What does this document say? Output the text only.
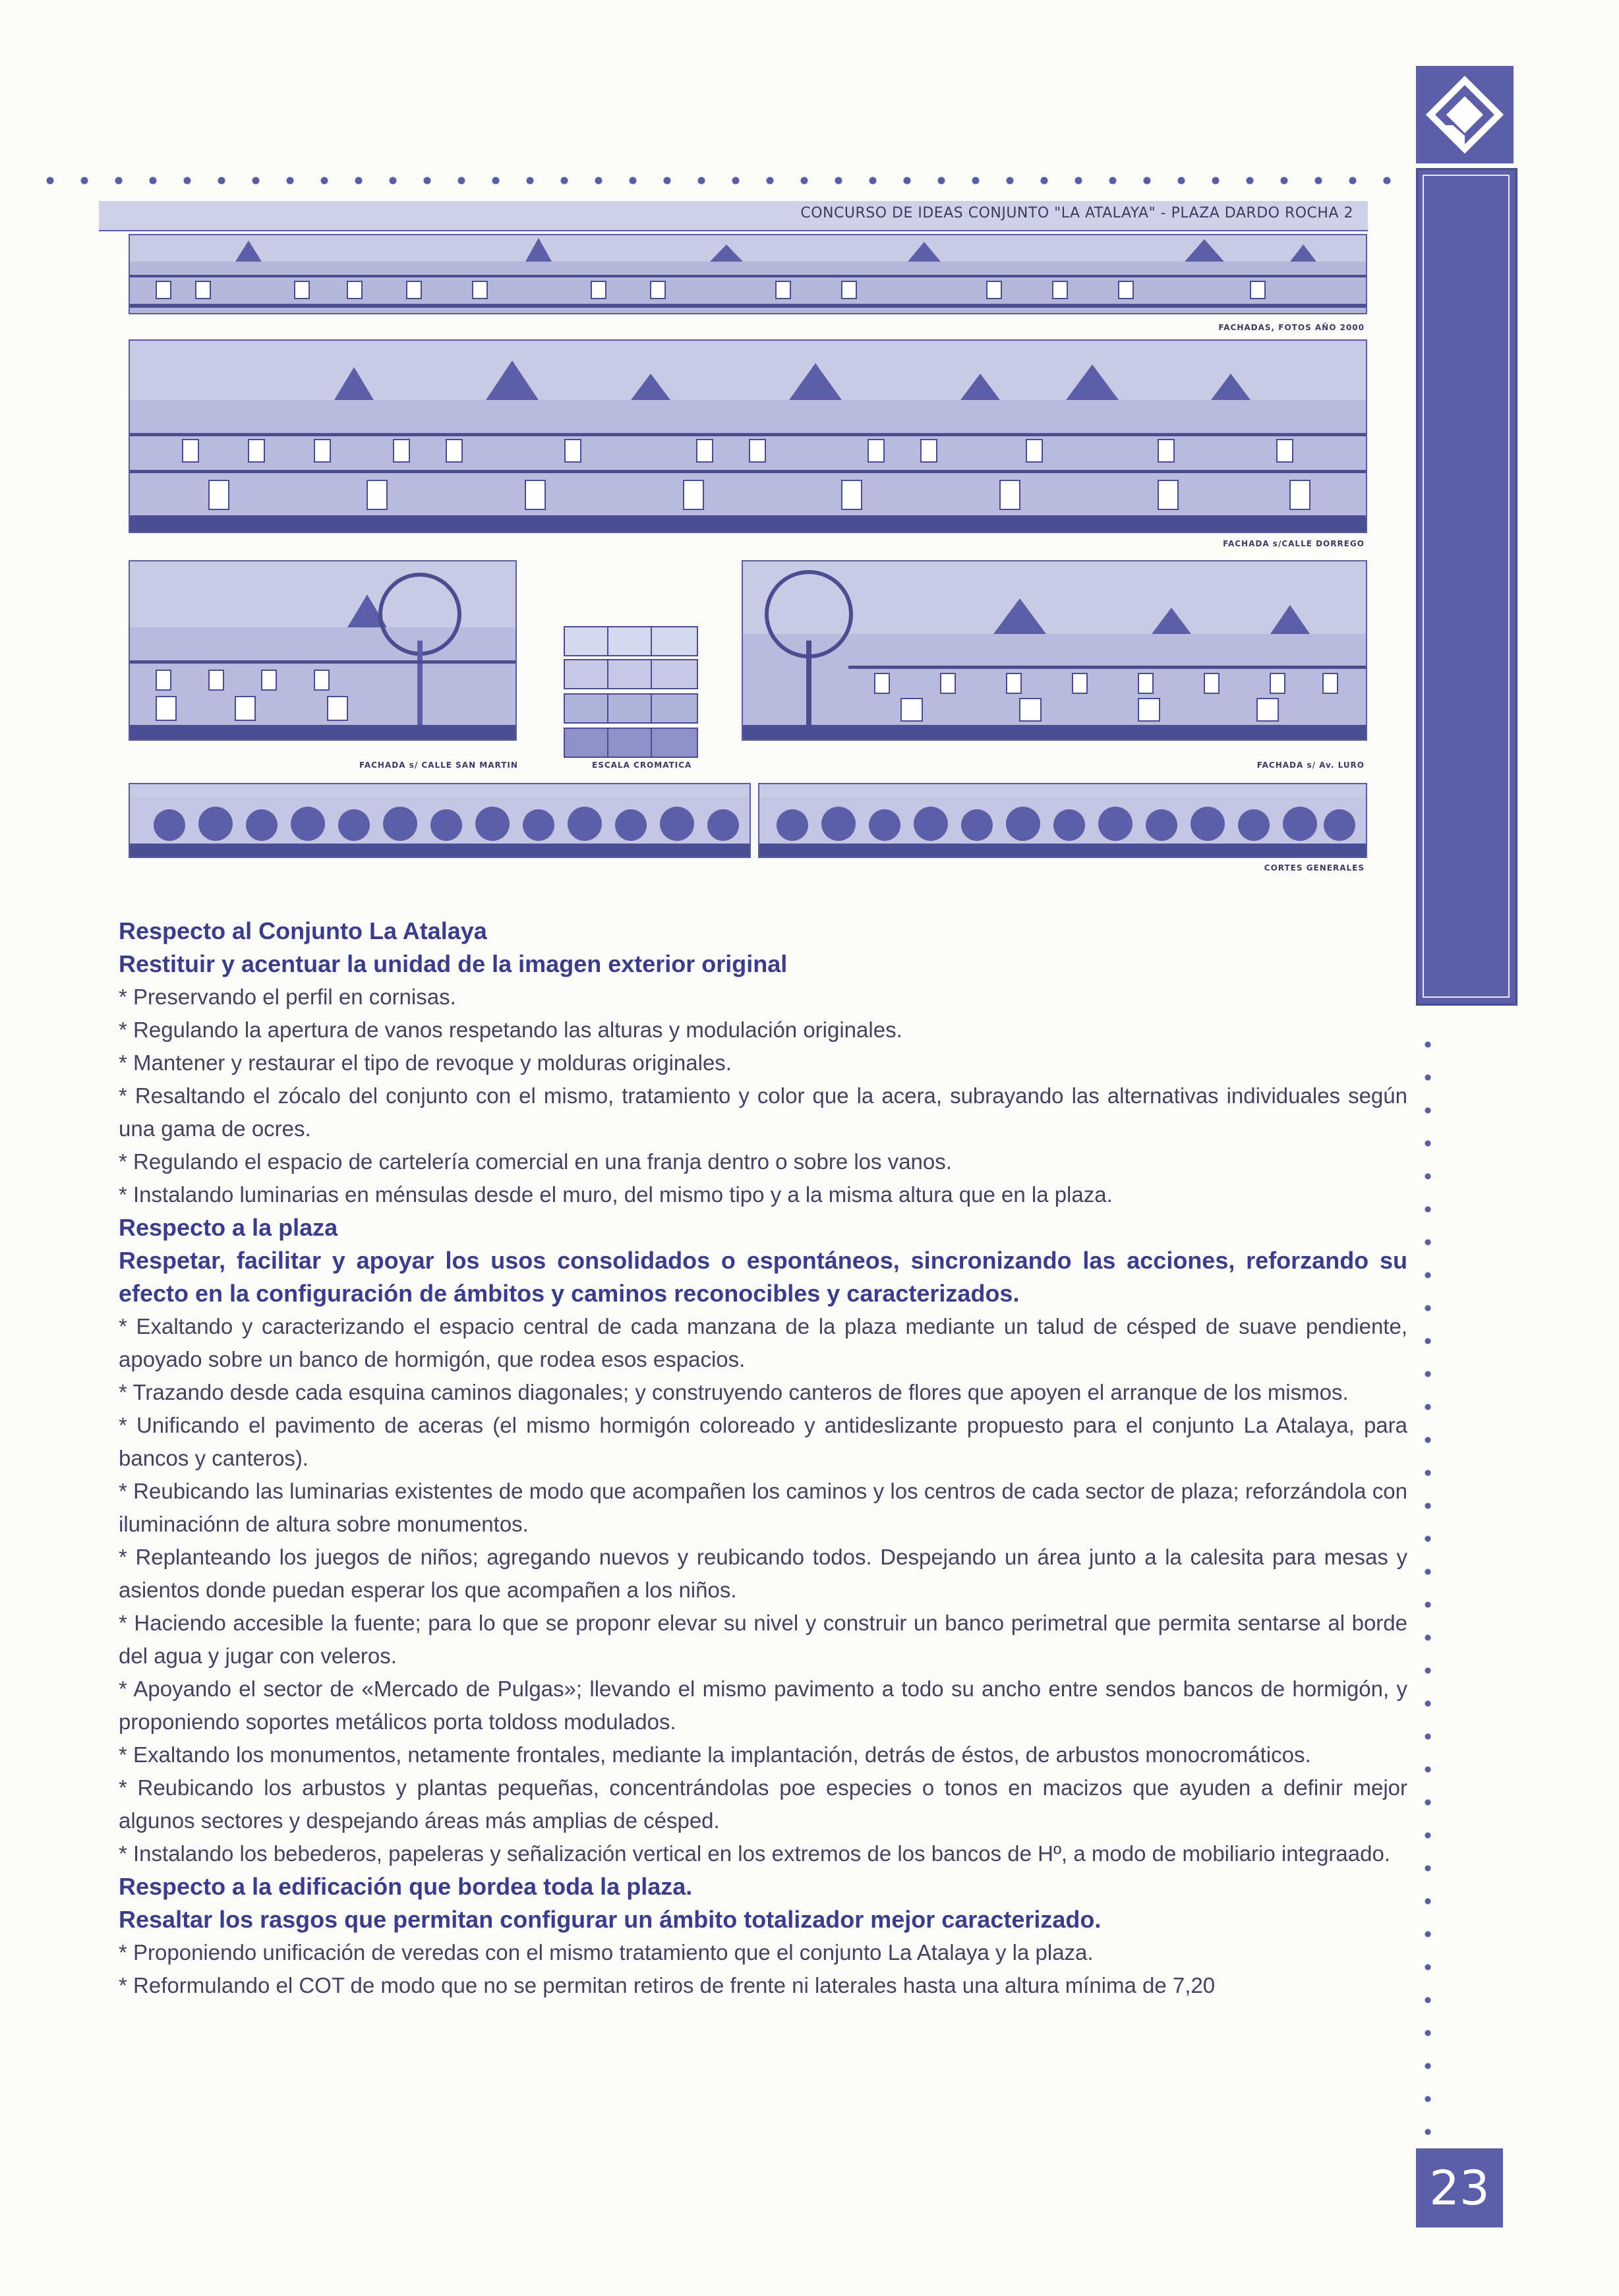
CONCURSO DE IDEAS CONJUNTO "LA ATALAYA" - PLAZA DARDO ROCHA 2
FACHADAS, FOTOS AÑO 2000
FACHADA s/CALLE DORREGO
FACHADA s/ CALLE SAN MARTIN	ESCALA CROMATICA	FACHADA s/ Av. LURO
CORTES GENERALES

Respecto al Conjunto La Atalaya

Restituir y acentuar la unidad de la imagen exterior original

* Preservando el perfil en cornisas.

* Regulando la apertura de vanos respetando las alturas y modulación originales.

* Mantener y restaurar el tipo de revoque y molduras originales.

* Resaltando el zócalo del conjunto con el mismo, tratamiento y color que la acera, subrayando las alternativas individuales según una gama de ocres.

* Regulando el espacio de cartelería comercial en una franja dentro o sobre los vanos.

* Instalando luminarias en ménsulas desde el muro, del mismo tipo y a la misma altura que en la plaza.

Respecto a la plaza

Respetar, facilitar y apoyar los usos consolidados o espontáneos, sincronizando las acciones, reforzando su efecto en la configuración de ámbitos y caminos reconocibles y caracterizados.

* Exaltando y caracterizando el espacio central de cada manzana de la plaza mediante un talud de césped de suave pendiente, apoyado sobre un banco de hormigón, que rodea esos espacios.

* Trazando desde cada esquina caminos diagonales; y construyendo canteros de flores que apoyen el arranque de los mismos.

* Unificando el pavimento de aceras (el mismo hormigón coloreado y antideslizante propuesto para el conjunto La Atalaya, para bancos y canteros).

* Reubicando las luminarias existentes de modo que acompañen los caminos y los centros de cada sector de plaza; reforzándola con iluminaciónn de altura sobre monumentos.

* Replanteando los juegos de niños; agregando nuevos y reubicando todos. Despejando un área junto a la calesita para mesas y asientos donde puedan esperar los que acompañen a los niños.

* Haciendo accesible la fuente; para lo que se proponr elevar su nivel y construir un banco perimetral que permita sentarse al borde del agua y jugar con veleros.

* Apoyando el sector de «Mercado de Pulgas»; llevando el mismo pavimento a todo su ancho entre sendos bancos de hormigón, y proponiendo soportes metálicos porta toldoss modulados.

* Exaltando los monumentos, netamente frontales, mediante la implantación, detrás de éstos, de arbustos monocromáticos.

* Reubicando los arbustos y plantas pequeñas, concentrándolas poe especies o tonos en macizos que ayuden a definir mejor algunos sectores y despejando áreas más amplias de césped.

* Instalando los bebederos, papeleras y señalización vertical en los extremos de los bancos de Hº, a modo de mobiliario integraado.

Respecto a la edificación que bordea toda la plaza.

Resaltar los rasgos que permitan configurar un ámbito totalizador mejor caracterizado.

* Proponiendo unificación de veredas con el mismo tratamiento que el conjunto La Atalaya y la plaza.

* Reformulando el COT de modo que no se permitan retiros de frente ni laterales hasta una altura mínima de 7,20

23
